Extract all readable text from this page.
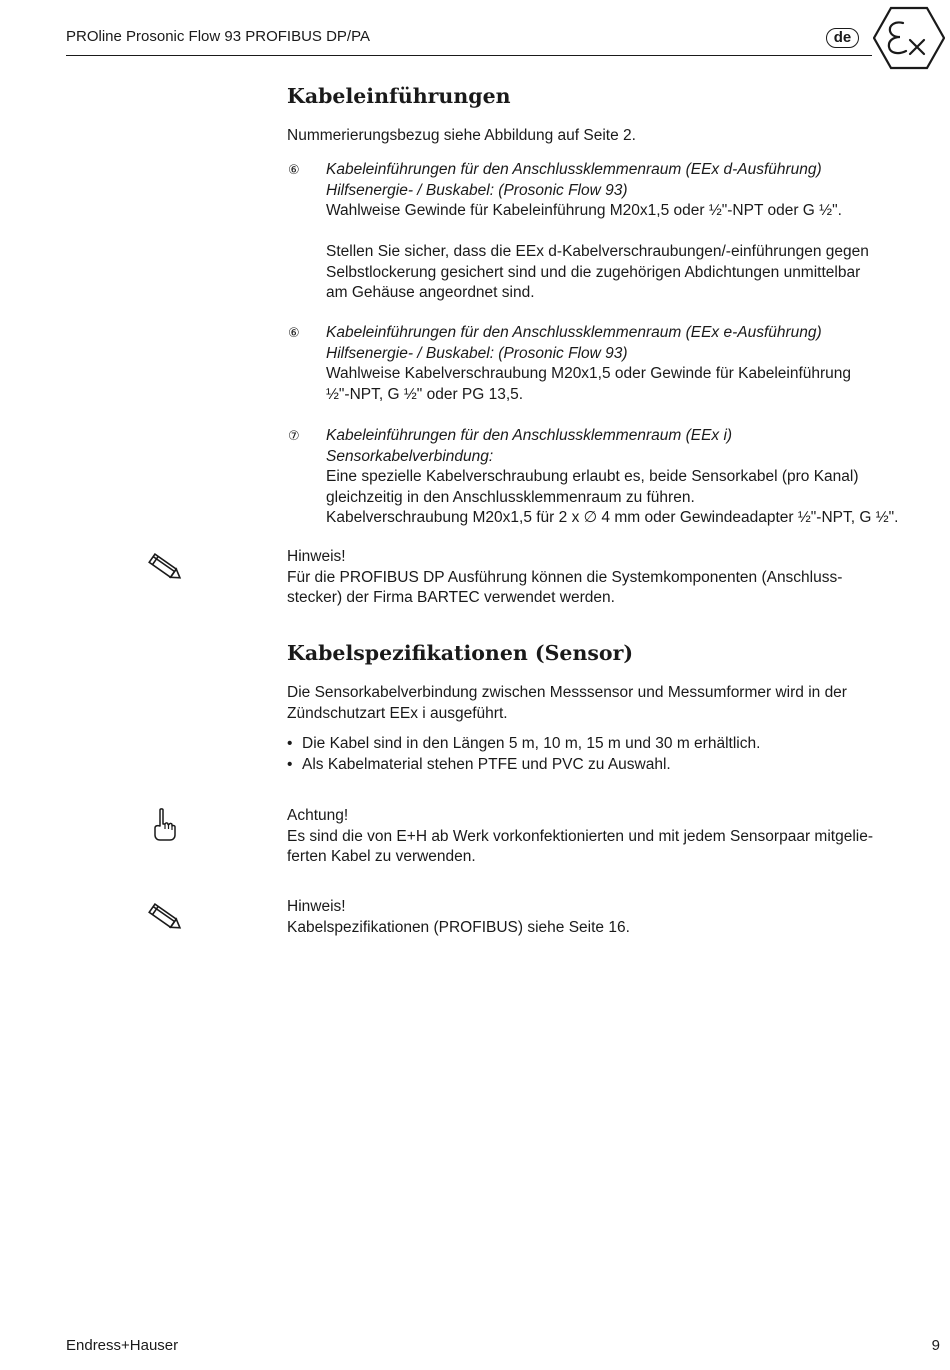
PROline Prosonic Flow 93 PROFIBUS DP/PA	de
Kabeleinführungen
Nummerierungsbezug siehe Abbildung auf Seite 2.
⑥ Kabeleinführungen für den Anschlussklemmenraum (EEx d-Ausführung)
Hilfsenergie- / Buskabel: (Prosonic Flow 93)
Wahlweise Gewinde für Kabeleinführung M20x1,5 oder ½"-NPT oder G ½".
Stellen Sie sicher, dass die EEx d-Kabelverschraubungen/-einführungen gegen
Selbstlockerung gesichert sind und die zugehörigen Abdichtungen unmittelbar
am Gehäuse angeordnet sind.
⑥ Kabeleinführungen für den Anschlussklemmenraum (EEx e-Ausführung)
Hilfsenergie- / Buskabel: (Prosonic Flow 93)
Wahlweise Kabelverschraubung M20x1,5 oder Gewinde für Kabeleinführung
½"-NPT, G ½" oder PG 13,5.
⑦ Kabeleinführungen für den Anschlussklemmenraum (EEx i)
Sensorkabelverbindung:
Eine spezielle Kabelverschraubung erlaubt es, beide Sensorkabel (pro Kanal)
gleichzeitig in den Anschlussklemmenraum zu führen.
Kabelverschraubung M20x1,5 für 2 x ∅ 4 mm oder Gewindeadapter ½"-NPT, G ½".
Hinweis!
Für die PROFIBUS DP Ausführung können die Systemkomponenten (Anschluss-
stecker) der Firma BARTEC verwendet werden.
Kabelspezifikationen (Sensor)
Die Sensorkabelverbindung zwischen Messsensor und Messumformer wird in der
Zündschutzart EEx i ausgeführt.
• Die Kabel sind in den Längen 5 m, 10 m, 15 m und 30 m erhältlich.
• Als Kabelmaterial stehen PTFE und PVC zu Auswahl.
Achtung!
Es sind die von E+H ab Werk vorkonfektionierten und mit jedem Sensorpaar mitgelie-
ferten Kabel zu verwenden.
Hinweis!
Kabelspezifikationen (PROFIBUS) siehe Seite 16.
Endress+Hauser	9
